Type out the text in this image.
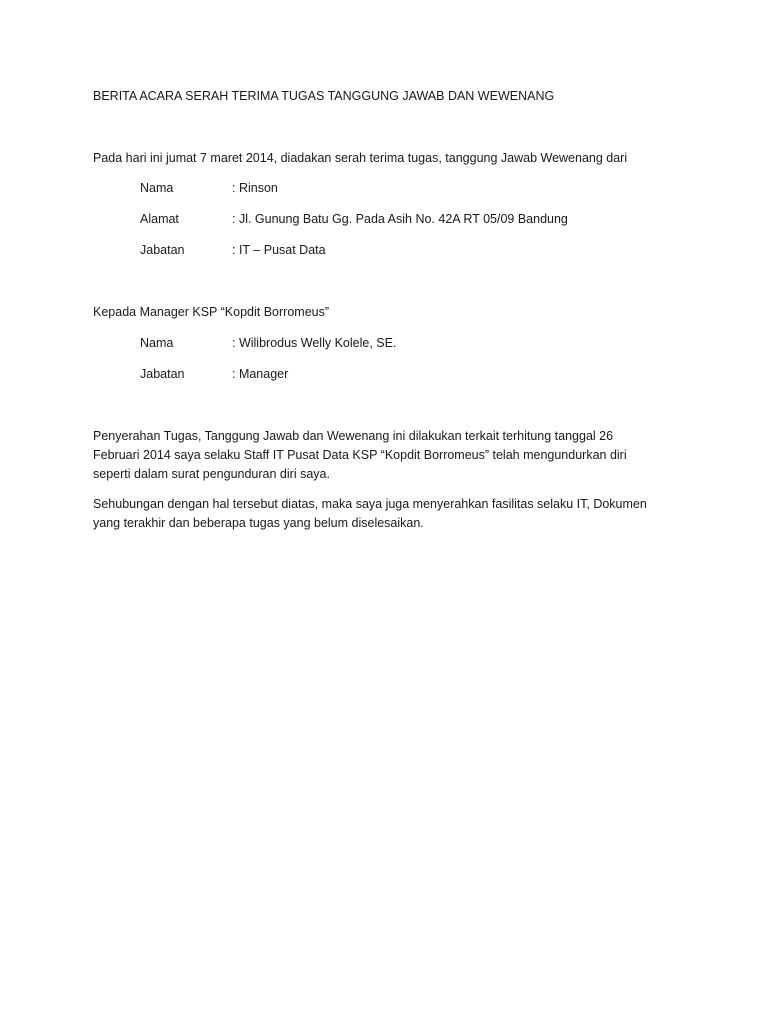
BERITA ACARA SERAH TERIMA TUGAS TANGGUNG JAWAB DAN WEWENANG
Pada hari ini jumat 7 maret 2014, diadakan serah terima tugas, tanggung Jawab Wewenang dari
Nama	: Rinson
Alamat	: Jl. Gunung Batu Gg. Pada Asih No. 42A RT 05/09 Bandung
Jabatan	: IT – Pusat Data
Kepada Manager KSP “Kopdit Borromeus”
Nama	: Wilibrodus Welly Kolele, SE.
Jabatan	: Manager

Penyerahan Tugas, Tanggung Jawab dan Wewenang ini dilakukan terkait terhitung tanggal 26

Februari 2014 saya selaku Staff IT Pusat Data KSP “Kopdit Borromeus” telah mengundurkan diri

seperti dalam surat pengunduran diri saya.

Sehubungan dengan hal tersebut diatas, maka saya juga menyerahkan fasilitas selaku IT, Dokumen

yang terakhir dan beberapa tugas yang belum diselesaikan.
